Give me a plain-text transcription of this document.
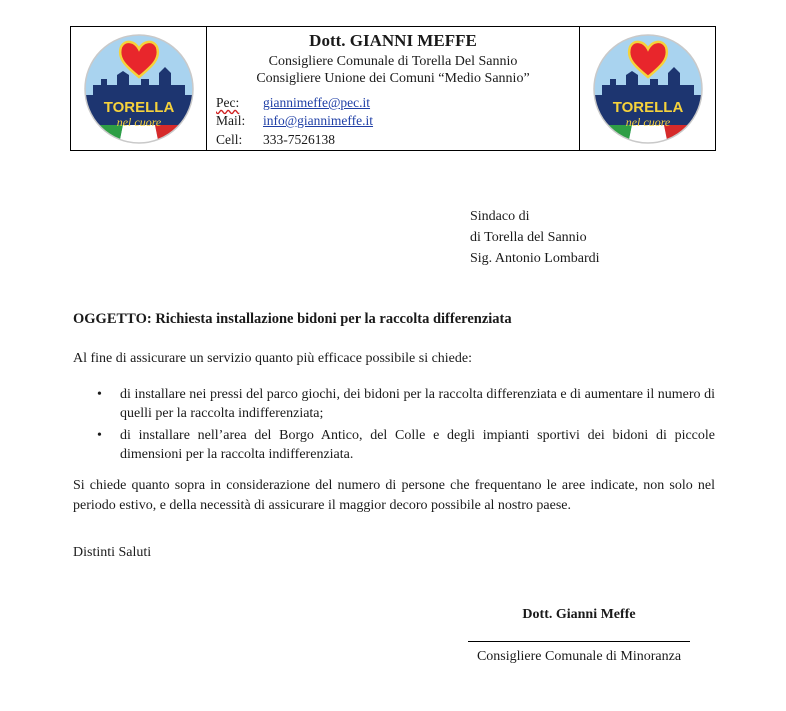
TORELLA
nel cuore
Dott. GIANNI MEFFE
Consigliere Comunale di Torella Del Sannio
Consigliere Unione dei Comuni “Medio Sannio”
Pec:	giannimeffe@pec.it
Mail:	info@giannimeffe.it
Cell:	333-7526138
TORELLA
nel cuore
Sindaco di
di Torella del Sannio
Sig. Antonio Lombardi
OGGETTO: Richiesta installazione bidoni per la raccolta differenziata
Al fine di assicurare un servizio quanto più efficace possibile si chiede:
• di installare nei pressi del parco giochi, dei bidoni per la raccolta differenziata e di aumentare il numero di quelli per la raccolta indifferenziata;
• di installare nell’area del Borgo Antico, del Colle e degli impianti sportivi dei bidoni di piccole dimensioni per la raccolta indifferenziata.
Si chiede quanto sopra in considerazione del numero di persone che frequentano le aree indicate, non solo nel periodo estivo, e della necessità di assicurare il maggior decoro possibile al nostro paese.
Distinti Saluti
Dott. Gianni Meffe
Consigliere Comunale di Minoranza
